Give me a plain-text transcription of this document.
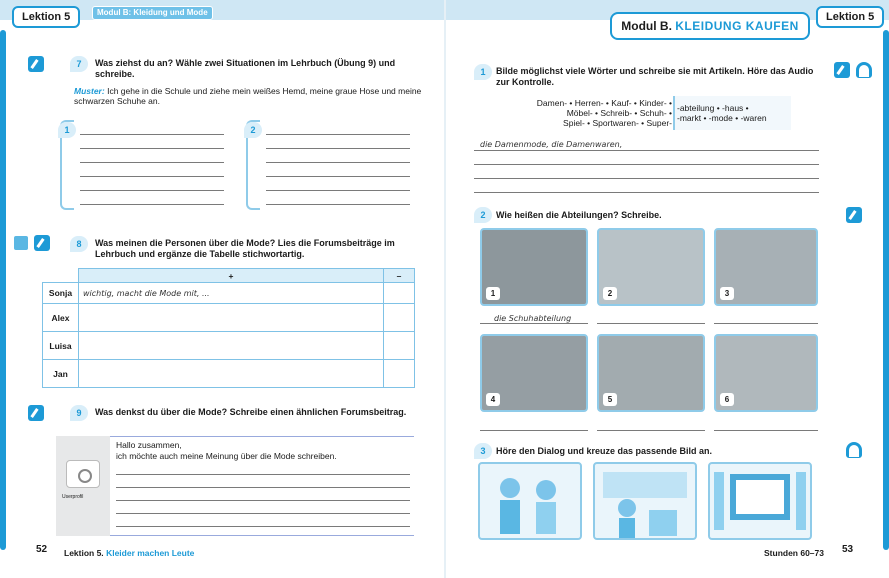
Lektion 5	Modul B: Kleidung und Mode
7	Was ziehst du an? Wähle zwei Situationen im Lehrbuch (Übung 9) und schreibe.
Muster: Ich gehe in die Schule und ziehe mein weißes Hemd, meine graue Hose und meine schwarzen Schuhe an.
1	2
8	Was meinen die Personen über die Mode? Lies die Forumsbeiträge im Lehrbuch und ergänze die Tabelle stichwortartig.
	+	–
Sonja	wichtig, macht die Mode mit, ...	
Alex		
Luisa		
Jan		
9	Was denkst du über die Mode? Schreibe einen ähnlichen Forumsbeitrag.
Userprofil
Hallo zusammen,
ich möchte auch meine Meinung über die Mode schreiben.
52 Lektion 5. Kleider machen Leute
Modul B. KLEIDUNG KAUFEN
Lektion 5
1	Bilde möglichst viele Wörter und schreibe sie mit Artikeln. Höre das Audio zur Kontrolle.
Damen- • Herren- • Kauf- • Kinder- •
Möbel- • Schreib- • Schuh- •
Spiel- • Sportwaren- • Super-
-abteilung • -haus •
-markt • -mode • -waren
die Damenmode, die Damenwaren,
2	Wie heißen die Abteilungen? Schreibe.
1	2	3
die Schuhabteilung
4	5	6
3	Höre den Dialog und kreuze das passende Bild an.
Stunden 60–73 53
